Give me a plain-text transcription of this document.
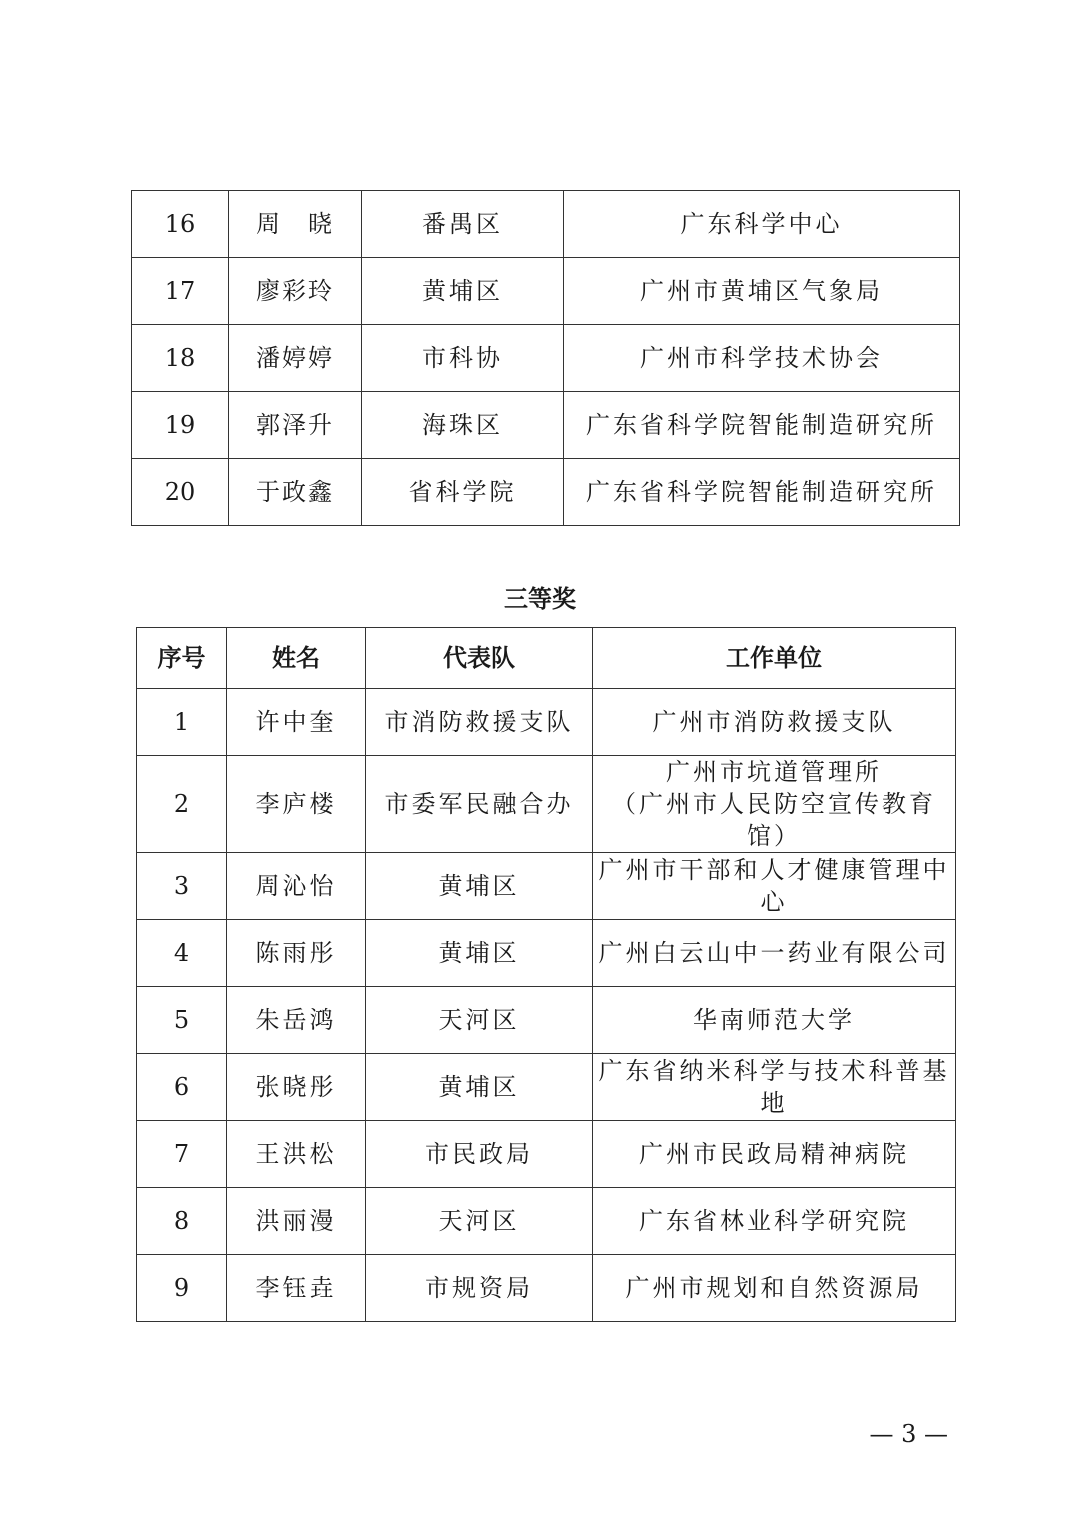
16	周　晓	番禺区	广东科学中心
17	廖彩玲	黄埔区	广州市黄埔区气象局
18	潘婷婷	市科协	广州市科学技术协会
19	郭泽升	海珠区	广东省科学院智能制造研究所
20	于政鑫	省科学院	广东省科学院智能制造研究所
三等奖
序号	姓名	代表队	工作单位
1	许中奎	市消防救援支队	广州市消防救援支队
2	李庐楼	市委军民融合办	广州市坑道管理所
（广州市人民防空宣传教育馆）

3	周沁怡	黄埔区	广州市干部和人才健康管理中心
4	陈雨彤	黄埔区	广州白云山中一药业有限公司
5	朱岳鸿	天河区	华南师范大学
6	张晓彤	黄埔区	广东省纳米科学与技术科普基地
7	王洪松	市民政局	广州市民政局精神病院
8	洪丽漫	天河区	广东省林业科学研究院
9	李钰垚	市规资局	广州市规划和自然资源局
— 3 —
